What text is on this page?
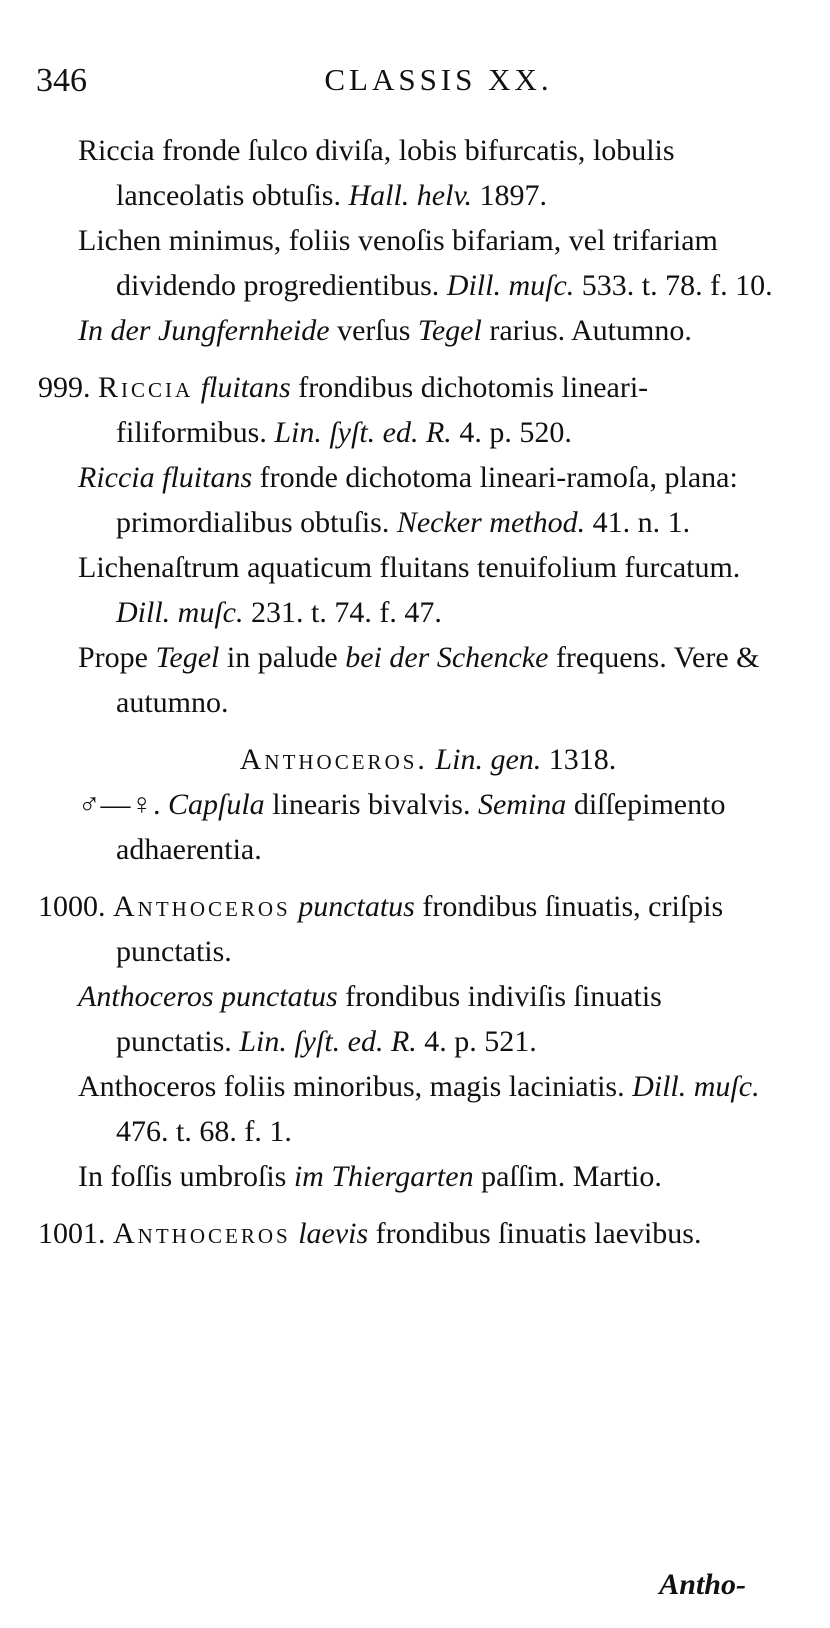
346	CLASSIS XX.

Riccia fronde ſulco diviſa, lobis bifurcatis, lobulis lanceolatis obtuſis. Hall. helv. 1897.

Lichen minimus, foliis venoſis bifariam, vel trifariam dividendo progredientibus. Dill. muſc. 533. t. 78. f. 10.

In der Jungfernheide verſus Tegel rarius. Autumno.

999. Riccia fluitans frondibus dichotomis lineari-filiformibus. Lin. ſyſt. ed. R. 4. p. 520.

Riccia fluitans fronde dichotoma lineari-ramoſa, plana: primordialibus obtuſis. Necker method. 41. n. 1.

Lichenaſtrum aquaticum fluitans tenuifolium furcatum. Dill. muſc. 231. t. 74. f. 47.

Prope Tegel in palude bei der Schencke frequens. Vere & autumno.

Anthoceros. Lin. gen. 1318.

♂—♀. Capſula linearis bivalvis. Semina diſſepimento adhaerentia.

1000. Anthoceros punctatus frondibus ſinuatis, criſpis punctatis.

Anthoceros punctatus frondibus indiviſis ſinuatis punctatis. Lin. ſyſt. ed. R. 4. p. 521.

Anthoceros foliis minoribus, magis laciniatis. Dill. muſc. 476. t. 68. f. 1.

In foſſis umbroſis im Thiergarten paſſim. Martio.

1001. Anthoceros laevis frondibus ſinuatis laevibus.

Antho-
